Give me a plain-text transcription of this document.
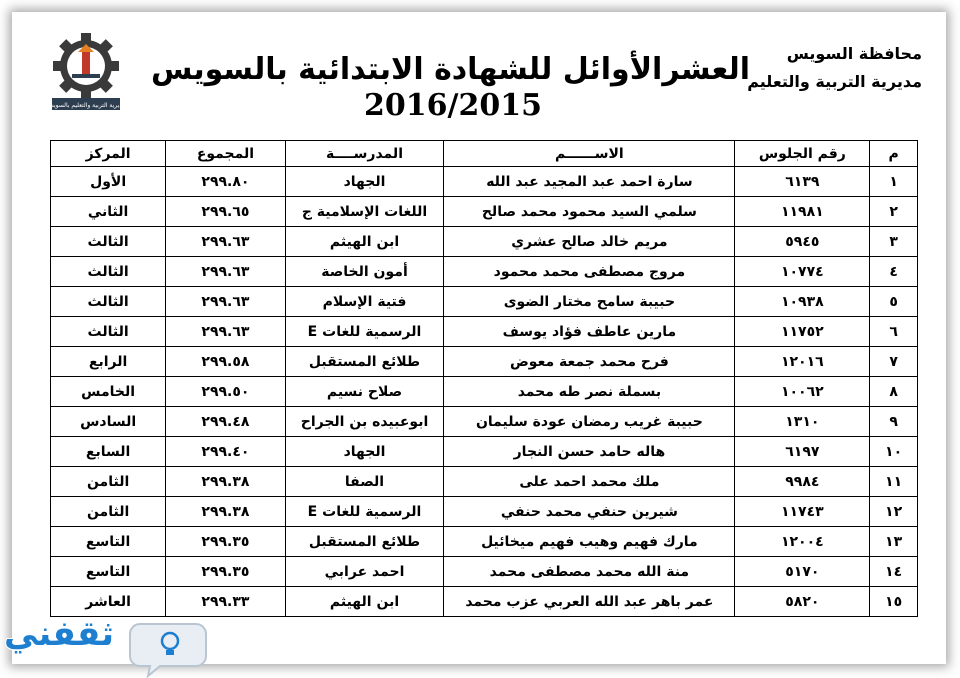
مديرية التربية والتعليم بالسويس
العشرالأوائل للشهادة الابتدائية بالسويس
2016/2015
محافظة السويس
مديرية التربية والتعليم
م	رقم الجلوس	الاســــــم	المدرســــة	المجموع	المركز
١	٦١٣٩	سارة احمد عبد المجيد عبد الله	الجهاد	٢٩٩.٨٠	الأول
٢	١١٩٨١	سلمي السيد محمود محمد صالح	اللغات الإسلامية ج	٢٩٩.٦٥	الثاني
٣	٥٩٤٥	مريم خالد صالح عشري	ابن الهيثم	٢٩٩.٦٣	الثالث
٤	١٠٧٧٤	مروج مصطفى محمد محمود	أمون الخاصة	٢٩٩.٦٣	الثالث
٥	١٠٩٣٨	حبيبة سامح مختار الضوى	فتية الإسلام	٢٩٩.٦٣	الثالث
٦	١١٧٥٢	مارين عاطف فؤاد يوسف	الرسمية للغات E	٢٩٩.٦٣	الثالث
٧	١٢٠١٦	فرح محمد جمعة معوض	طلائع المستقبل	٢٩٩.٥٨	الرابع
٨	١٠٠٦٢	بسملة نصر طه محمد	صلاح نسيم	٢٩٩.٥٠	الخامس
٩	١٣١٠	حبيبة غريب رمضان عودة سليمان	ابوعبيده بن الجراح	٢٩٩.٤٨	السادس
١٠	٦١٩٧	هاله حامد حسن النجار	الجهاد	٢٩٩.٤٠	السابع
١١	٩٩٨٤	ملك محمد احمد على	الصفا	٢٩٩.٣٨	الثامن
١٢	١١٧٤٣	شيرين حنفي محمد حنفي	الرسمية للغات E	٢٩٩.٣٨	الثامن
١٣	١٢٠٠٤	مارك فهيم وهيب فهيم ميخائيل	طلائع المستقبل	٢٩٩.٣٥	التاسع
١٤	٥١٧٠	منة الله محمد مصطفى محمد	احمد عرابي	٢٩٩.٣٥	التاسع
١٥	٥٨٢٠	عمر باهر عبد الله العربي عزب محمد	ابن الهيثم	٢٩٩.٣٣	العاشر
ثقفني
